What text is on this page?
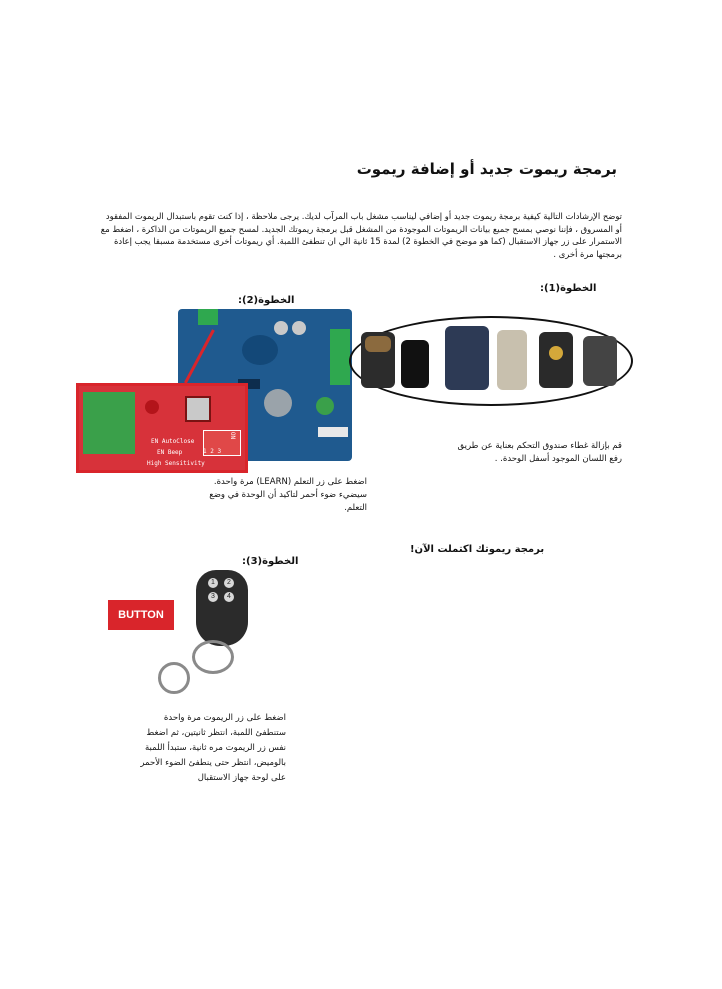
برمجة ريموت جديد أو إضافة ريموت
توضح الإرشادات التالية كيفية برمجة ريموت جديد أو إضافي ليناسب مشغل باب المرآب لديك. يرجى ملاحظة ، إذا كنت تقوم باستبدال الريموت المفقود أو المسروق ، فإننا نوصي بمسح جميع بيانات الريموتات الموجودة من المشغل قبل برمجة ريموتك الجديد. لمسح جميع الريموتات من الذاكرة ، اضغط مع الاستمرار على زر جهاز الاستقبال (كما هو موضح في الخطوة 2) لمدة 15 ثانية الي ان تنطفئ اللمبة. أي ريموتات أخرى مستخدمة مسبقا يجب إعادة برمجتها مرة أخرى .
الخطوة(1):
الخطوة(2):
EN AutoClose
EN Beep
High Sensitivity
ON
1 2 3
قم بإزالة غطاء صندوق التحكم بعناية عن طريق رفع اللسان الموجود أسفل الوحدة. .
اضغط على زر التعلم (LEARN) مرة واحدة. سيضيء ضوء أحمر لتاكيد أن الوحدة في وضع التعلم.
برمجة ريموتك اكتملت الآن!
الخطوة(3):
BUTTON
1	2
3	4
اضغط على زر الريموت مرة واحدة ستنطفئ اللمبة، انتظر ثانيتين، ثم اضغط نفس زر الريموت مره ثانية، ستبدأ اللمبة بالوميض، انتظر حتى ينطفئ الضوء الأحمر على لوحة جهاز الاستقبال
